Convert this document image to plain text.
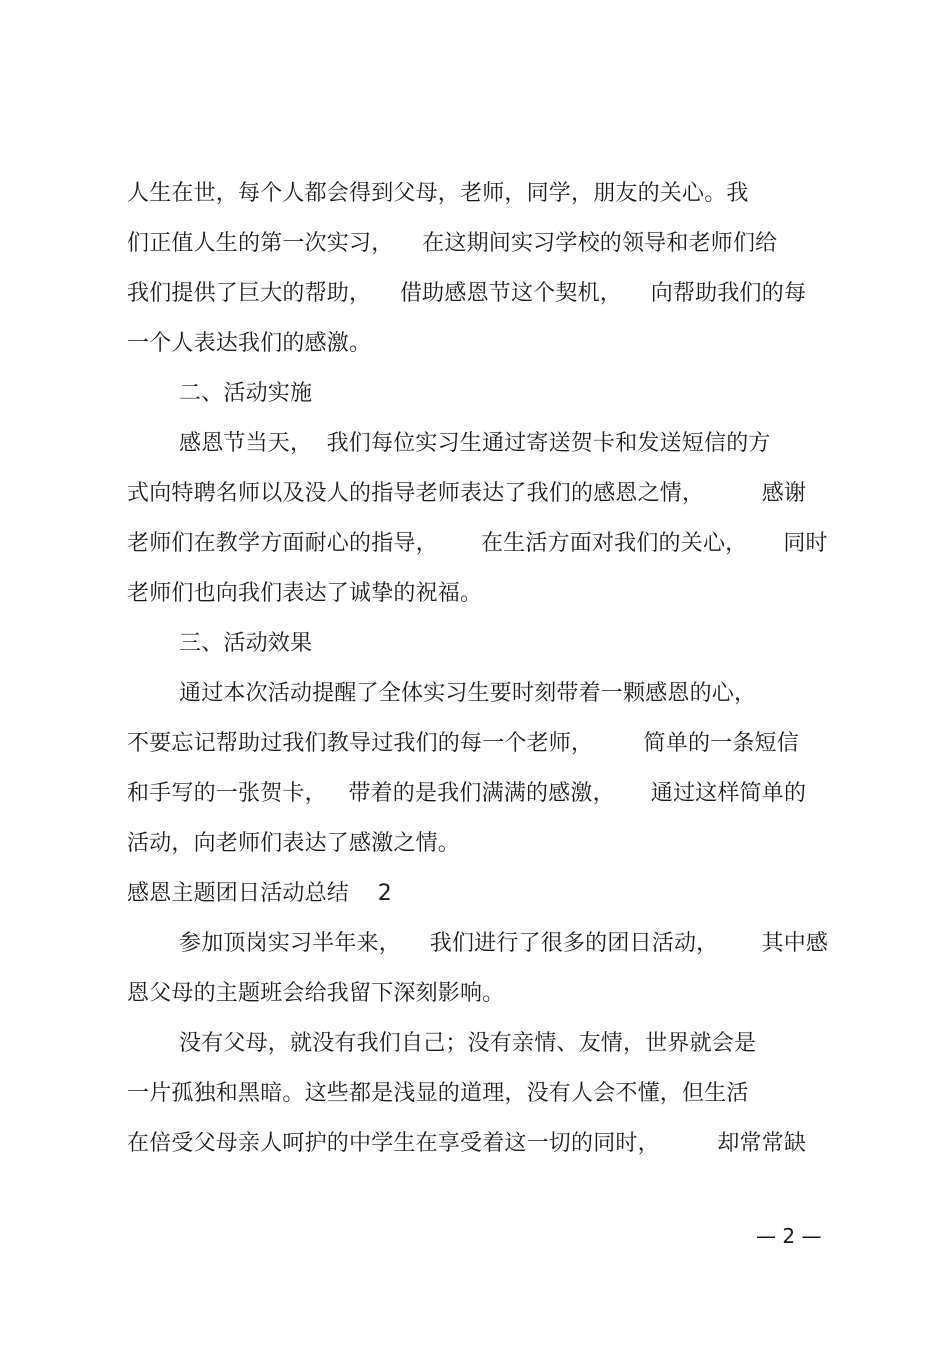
人生在世，每个人都会得到父母，老师，同学，朋友的关心。我
们正值人生的第一次实习，    在这期间实习学校的领导和老师们给
我们提供了巨大的帮助，    借助感恩节这个契机，    向帮助我们的每
一个人表达我们的感激。
二、活动实施
感恩节当天，  我们每位实习生通过寄送贺卡和发送短信的方
式向特聘名师以及没人的指导老师表达了我们的感恩之情，        感谢
老师们在教学方面耐心的指导，      在生活方面对我们的关心，     同时
老师们也向我们表达了诚挚的祝福。
三、活动效果
通过本次活动提醒了全体实习生要时刻带着一颗感恩的心，
不要忘记帮助过我们教导过我们的每一个老师，       简单的一条短信
和手写的一张贺卡，   带着的是我们满满的感激，     通过这样简单的
活动，向老师们表达了感激之情。
感恩主题团日活动总结    2
参加顶岗实习半年来，    我们进行了很多的团日活动，      其中感
恩父母的主题班会给我留下深刻影响。
没有父母，就没有我们自己；没有亲情、友情，世界就会是
一片孤独和黑暗。这些都是浅显的道理，没有人会不懂，但生活
在倍受父母亲人呵护的中学生在享受着这一切的同时，        却常常缺
— 2 —
